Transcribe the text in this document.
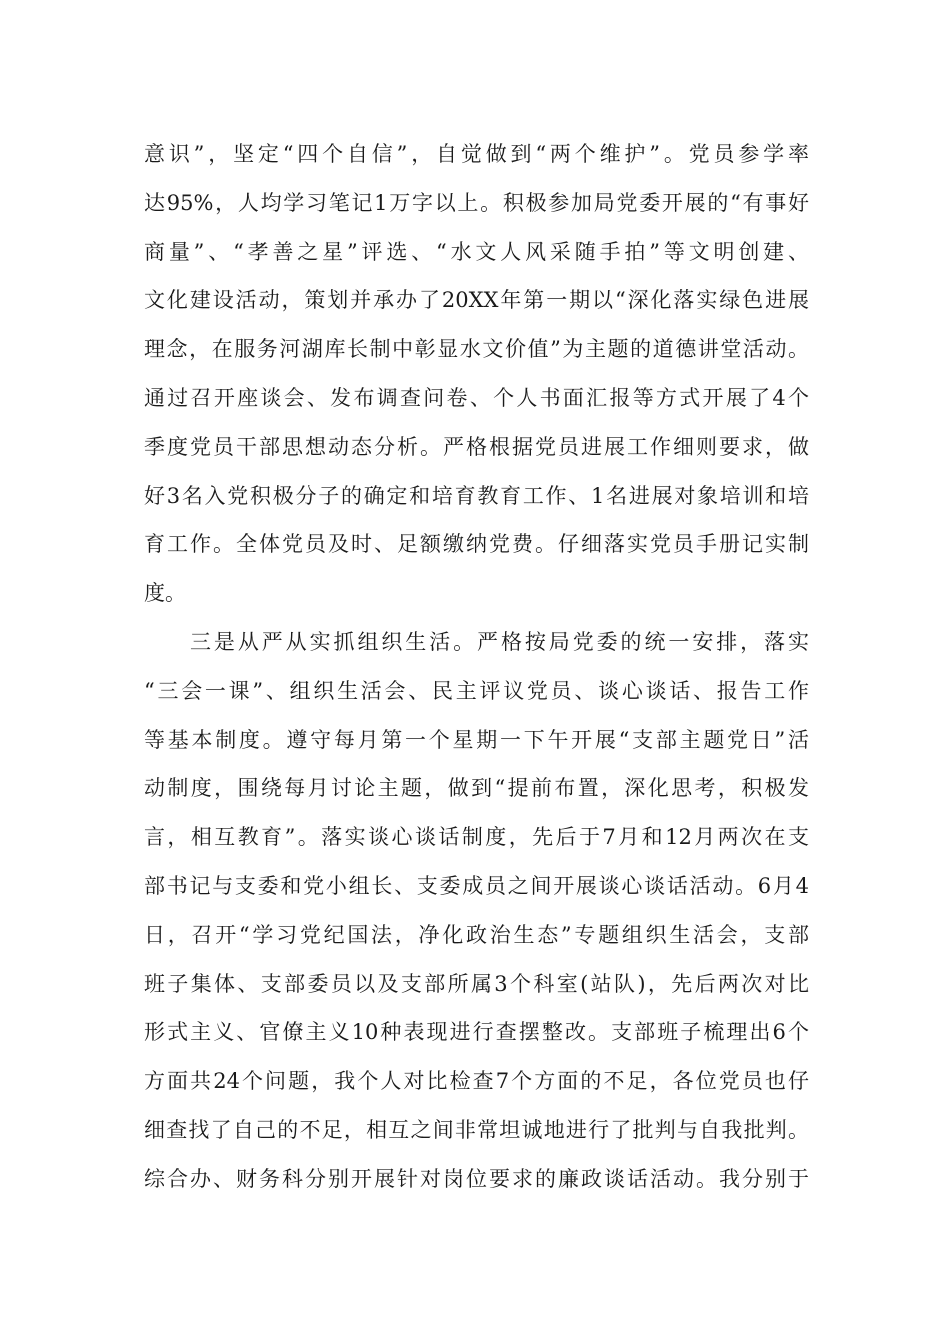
意识”，坚定“四个自信”，自觉做到“两个维护”。党员参学率
达95%，人均学习笔记1万字以上。积极参加局党委开展的“有事好
商量”、“孝善之星”评选、“水文人风采随手拍”等文明创建、
文化建设活动，策划并承办了20XX年第一期以“深化落实绿色进展
理念，在服务河湖库长制中彰显水文价值”为主题的道德讲堂活动。
通过召开座谈会、发布调查问卷、个人书面汇报等方式开展了4个
季度党员干部思想动态分析。严格根据党员进展工作细则要求，做
好3名入党积极分子的确定和培育教育工作、1名进展对象培训和培
育工作。全体党员及时、足额缴纳党费。仔细落实党员手册记实制
度。
三是从严从实抓组织生活。严格按局党委的统一安排，落实
“三会一课”、组织生活会、民主评议党员、谈心谈话、报告工作
等基本制度。遵守每月第一个星期一下午开展“支部主题党日”活
动制度，围绕每月讨论主题，做到“提前布置，深化思考，积极发
言，相互教育”。落实谈心谈话制度，先后于7月和12月两次在支
部书记与支委和党小组长、支委成员之间开展谈心谈话活动。6月4
日，召开“学习党纪国法，净化政治生态”专题组织生活会，支部
班子集体、支部委员以及支部所属3个科室(站队)，先后两次对比
形式主义、官僚主义10种表现进行查摆整改。支部班子梳理出6个
方面共24个问题，我个人对比检查7个方面的不足，各位党员也仔
细查找了自己的不足，相互之间非常坦诚地进行了批判与自我批判。
综合办、财务科分别开展针对岗位要求的廉政谈话活动。我分别于
